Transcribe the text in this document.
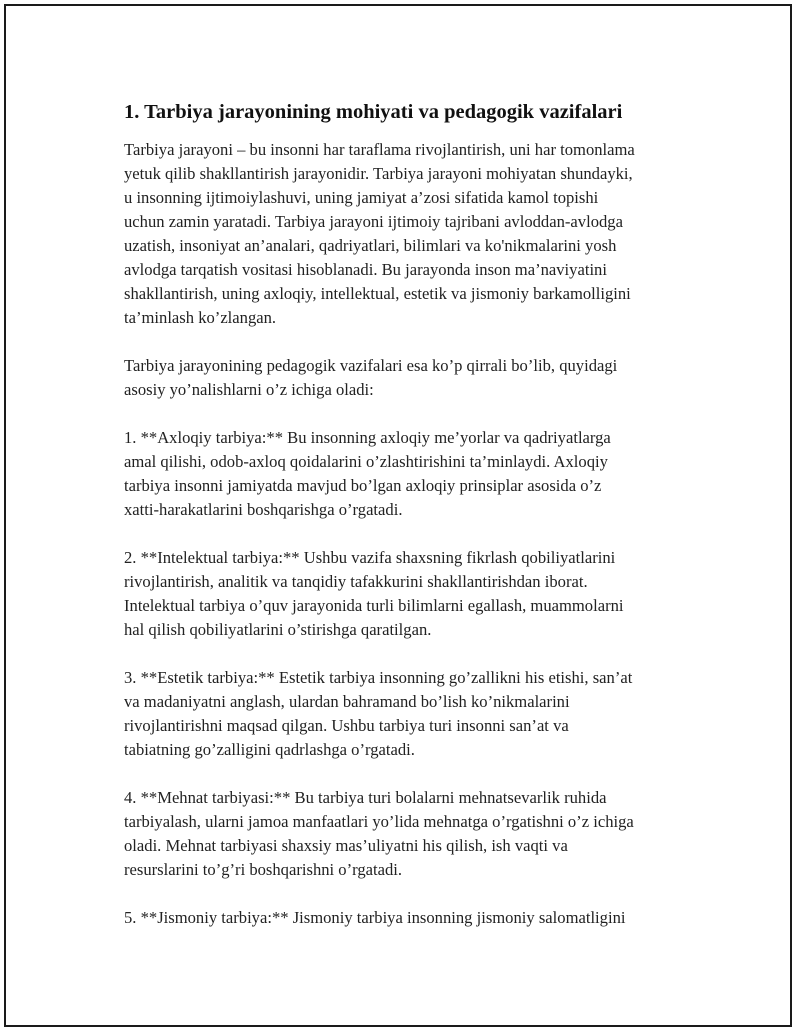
1. Tarbiya jarayonining mohiyati va pedagogik vazifalari
Tarbiya jarayoni – bu insonni har taraflama rivojlantirish, uni har tomonlama
yetuk qilib shakllantirish jarayonidir. Tarbiya jarayoni mohiyatan shundayki,
u insonning ijtimoiylashuvi, uning jamiyat a’zosi sifatida kamol topishi
uchun zamin yaratadi. Tarbiya jarayoni ijtimoiy tajribani avloddan-avlodga
uzatish, insoniyat an’analari, qadriyatlari, bilimlari va ko'nikmalarini yosh
avlodga tarqatish vositasi hisoblanadi. Bu jarayonda inson ma’naviyatini
shakllantirish, uning axloqiy, intellektual, estetik va jismoniy barkamolligini
ta’minlash ko’zlangan.
Tarbiya jarayonining pedagogik vazifalari esa ko’p qirrali bo’lib, quyidagi
asosiy yo’nalishlarni o’z ichiga oladi:
1. **Axloqiy tarbiya:** Bu insonning axloqiy me’yorlar va qadriyatlarga
amal qilishi, odob-axloq qoidalarini o’zlashtirishini ta’minlaydi. Axloqiy
tarbiya insonni jamiyatda mavjud bo’lgan axloqiy prinsiplar asosida o’z
xatti-harakatlarini boshqarishga o’rgatadi.
2. **Intelektual tarbiya:** Ushbu vazifa shaxsning fikrlash qobiliyatlarini
rivojlantirish, analitik va tanqidiy tafakkurini shakllantirishdan iborat.
Intelektual tarbiya o’quv jarayonida turli bilimlarni egallash, muammolarni
hal qilish qobiliyatlarini o’stirishga qaratilgan.
3. **Estetik tarbiya:** Estetik tarbiya insonning go’zallikni his etishi, san’at
va madaniyatni anglash, ulardan bahramand bo’lish ko’nikmalarini
rivojlantirishni maqsad qilgan. Ushbu tarbiya turi insonni san’at va
tabiatning go’zalligini qadrlashga o’rgatadi.
4. **Mehnat tarbiyasi:** Bu tarbiya turi bolalarni mehnatsevarlik ruhida
tarbiyalash, ularni jamoa manfaatlari yo’lida mehnatga o’rgatishni o’z ichiga
oladi. Mehnat tarbiyasi shaxsiy mas’uliyatni his qilish, ish vaqti va
resurslarini to’g’ri boshqarishni o’rgatadi.
5. **Jismoniy tarbiya:** Jismoniy tarbiya insonning jismoniy salomatligini
